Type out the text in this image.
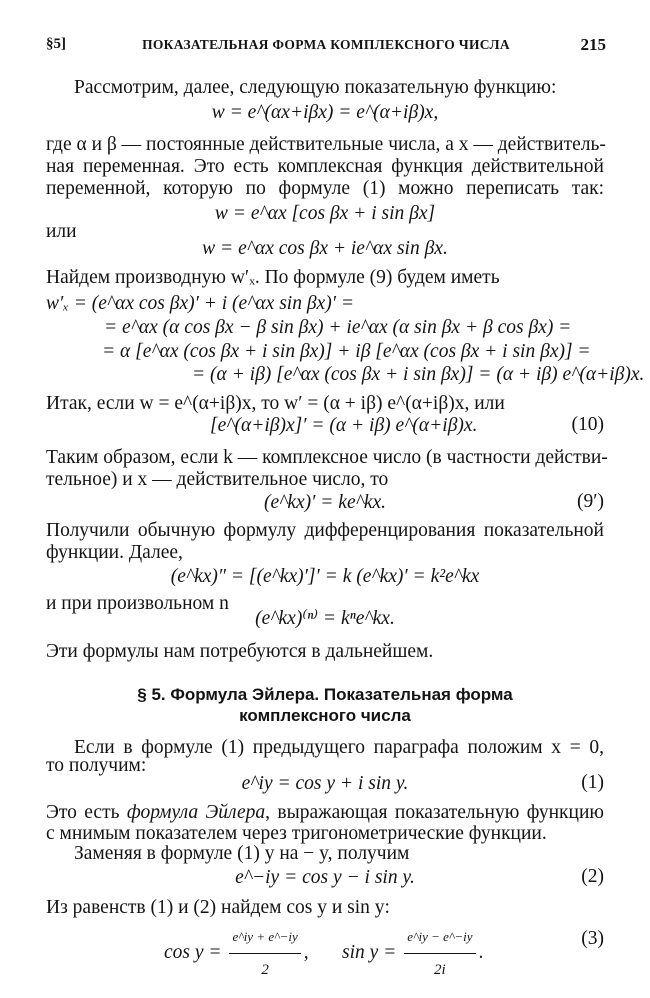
§5]	ПОКАЗАТЕЛЬНАЯ ФОРМА КОМПЛЕКСНОГО ЧИСЛА	215
Рассмотрим, далее, следующую показательную функцию:
w = e^(αx+iβx) = e^(α+iβ)x,
где α и β — постоянные действительные числа, а x — действитель-
ная переменная. Это есть комплексная функция действительной
переменной, которую по формуле (1) можно переписать так:
w = e^αx [cos βx + i sin βx]
или
w = e^αx cos βx + ie^αx sin βx.
Найдем производную w′ₓ. По формуле (9) будем иметь
w′ₓ = (e^αx cos βx)′ + i (e^αx sin βx)′ =
= e^αx (α cos βx − β sin βx) + ie^αx (α sin βx + β cos βx) =
= α [e^αx (cos βx + i sin βx)] + iβ [e^αx (cos βx + i sin βx)] =
= (α + iβ) [e^αx (cos βx + i sin βx)] = (α + iβ) e^(α+iβ)x.
Итак, если w = e^(α+iβ)x, то w′ = (α + iβ) e^(α+iβ)x, или
[e^(α+iβ)x]′ = (α + iβ) e^(α+iβ)x.	(10)
Таким образом, если k — комплексное число (в частности действи-
тельное) и x — действительное число, то
(e^kx)′ = ke^kx.	(9′)
Получили обычную формулу дифференцирования показательной
функции. Далее,
(e^kx)″ = [(e^kx)′]′ = k (e^kx)′ = k²e^kx
и при произвольном n
(e^kx)⁽ⁿ⁾ = kⁿe^kx.
Эти формулы нам потребуются в дальнейшем.
§ 5. Формула Эйлера. Показательная форма
комплексного числа
Если в формуле (1) предыдущего параграфа положим x = 0,
то получим:
e^iy = cos y + i sin y.	(1)
Это есть формула Эйлера, выражающая показательную функцию
с мнимым показателем через тригонометрические функции.
Заменяя в формуле (1) y на − y, получим
e^−iy = cos y − i sin y.	(2)
Из равенств (1) и (2) найдем cos y и sin y:
$\cos y = \frac{e\^{}iy + e\^{}-iy}{2}$ ,	$\sin y = \frac{e\^{}iy - e\^{}-iy}{2i}$ .
(3)
